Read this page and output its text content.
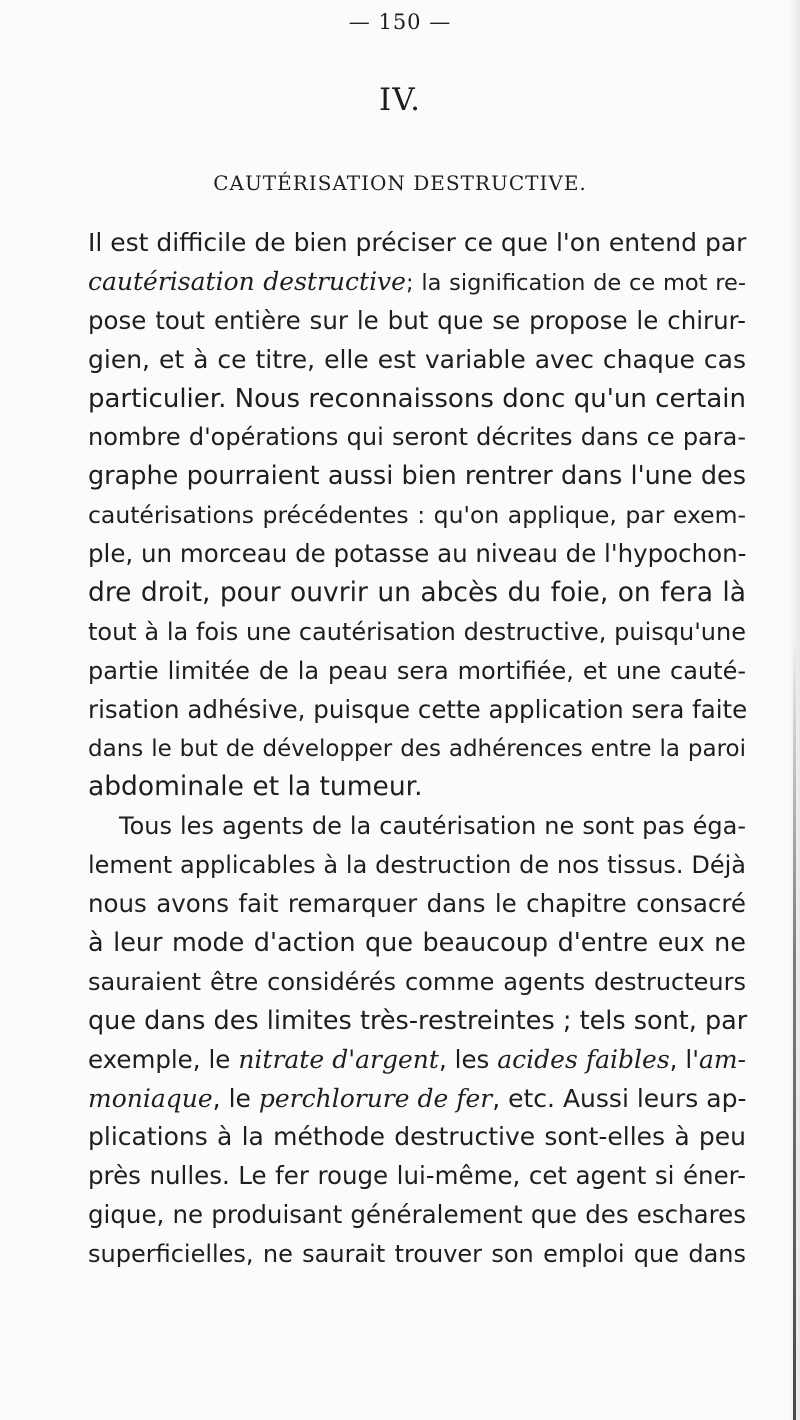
— 150 —
IV.
CAUTÉRISATION DESTRUCTIVE.
Il est difficile de bien préciser ce que l'on entend par
cautérisation destructive; la signification de ce mot re-
pose tout entière sur le but que se propose le chirur-
gien, et à ce titre, elle est variable avec chaque cas
particulier. Nous reconnaissons donc qu'un certain
nombre d'opérations qui seront décrites dans ce para-
graphe pourraient aussi bien rentrer dans l'une des
cautérisations précédentes : qu'on applique, par exem-
ple, un morceau de potasse au niveau de l'hypochon-
dre droit, pour ouvrir un abcès du foie, on fera là
tout à la fois une cautérisation destructive, puisqu'une
partie limitée de la peau sera mortifiée, et une cauté-
risation adhésive, puisque cette application sera faite
dans le but de développer des adhérences entre la paroi
abdominale et la tumeur.
Tous les agents de la cautérisation ne sont pas éga-
lement applicables à la destruction de nos tissus. Déjà
nous avons fait remarquer dans le chapitre consacré
à leur mode d'action que beaucoup d'entre eux ne
sauraient être considérés comme agents destructeurs
que dans des limites très-restreintes ; tels sont, par
exemple, le nitrate d'argent, les acides faibles, l'am-
moniaque, le perchlorure de fer, etc. Aussi leurs ap-
plications à la méthode destructive sont-elles à peu
près nulles. Le fer rouge lui-même, cet agent si éner-
gique, ne produisant généralement que des eschares
superficielles, ne saurait trouver son emploi que dans
